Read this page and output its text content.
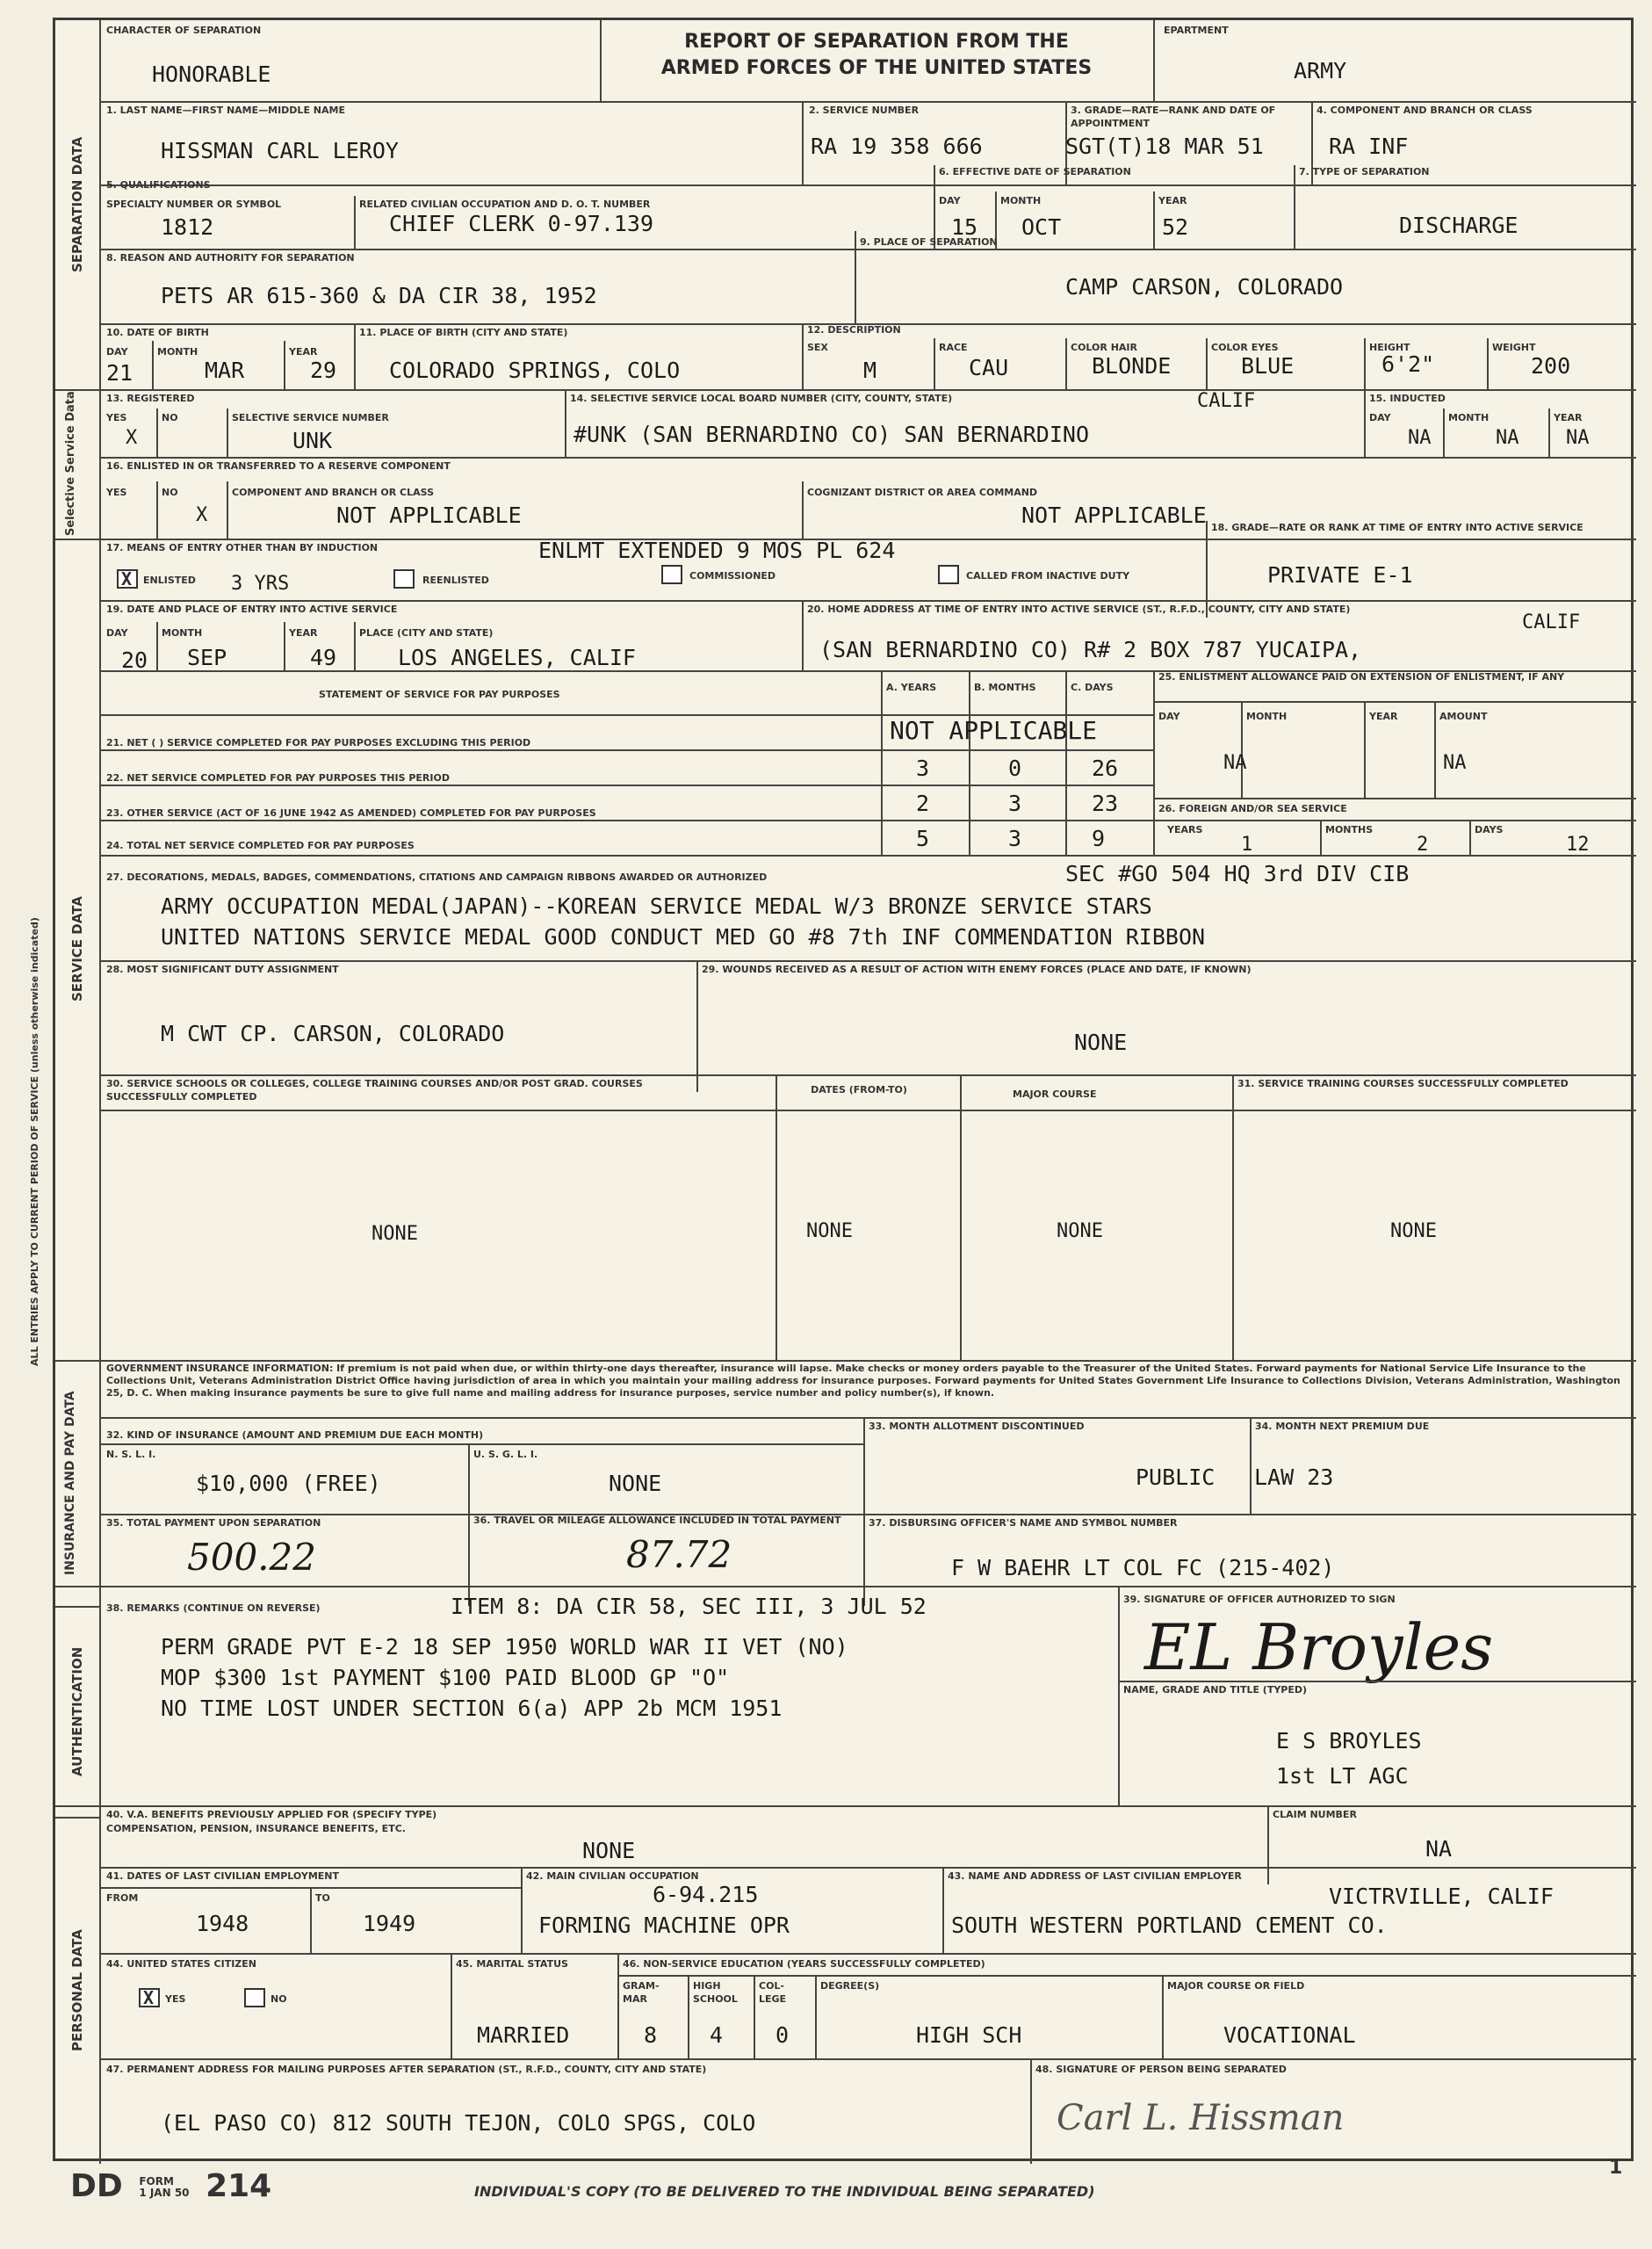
SEPARATION DATA
Selective Service Data
SERVICE DATA
INSURANCE AND PAY DATA
AUTHENTICATION
PERSONAL DATA
CHARACTER OF SEPARATION
HONORABLE
REPORT OF SEPARATION FROM THE
ARMED FORCES OF THE UNITED STATES
EPARTMENT
ARMY
1. LAST NAME—FIRST NAME—MIDDLE NAME
HISSMAN CARL LEROY
2. SERVICE NUMBER
RA 19 358 666
3. GRADE—RATE—RANK AND DATE OF APPOINTMENT
SGT(T)18 MAR 51
4. COMPONENT AND BRANCH OR CLASS
RA INF
5. QUALIFICATIONS
SPECIALTY NUMBER OR SYMBOL
1812
RELATED CIVILIAN OCCUPATION AND D. O. T. NUMBER
CHIEF CLERK 0-97.139
6. EFFECTIVE DATE OF SEPARATION
DAY
15
MONTH
OCT
YEAR
52
7. TYPE OF SEPARATION
DISCHARGE
8. REASON AND AUTHORITY FOR SEPARATION
PETS AR 615-360 & DA CIR 38, 1952
9. PLACE OF SEPARATION
CAMP CARSON, COLORADO
10. DATE OF BIRTH
DAY
21
MONTH
MAR
YEAR
29
11. PLACE OF BIRTH (CITY AND STATE)
COLORADO SPRINGS, COLO
12. DESCRIPTION
SEX
M
RACE
CAU
COLOR HAIR
BLONDE
COLOR EYES
BLUE
HEIGHT
6'2"
WEIGHT
200
13. REGISTERED
YES
X
NO	SELECTIVE SERVICE NUMBER
UNK
14. SELECTIVE SERVICE LOCAL BOARD NUMBER (CITY, COUNTY, STATE)	CALIF
#UNK (SAN BERNARDINO CO) SAN BERNARDINO
15. INDUCTED
DAY
NA
MONTH
NA
YEAR
NA
16. ENLISTED IN OR TRANSFERRED TO A RESERVE COMPONENT
YES	NO
X
COMPONENT AND BRANCH OR CLASS
NOT APPLICABLE
COGNIZANT DISTRICT OR AREA COMMAND
NOT APPLICABLE
17. MEANS OF ENTRY OTHER THAN BY INDUCTION	ENLMT EXTENDED 9 MOS PL 624
X
ENLISTED 3 YRS	REENLISTED	COMMISSIONED	CALLED FROM INACTIVE DUTY
18. GRADE—RATE OR RANK AT TIME OF ENTRY INTO ACTIVE SERVICE
PRIVATE E-1
19. DATE AND PLACE OF ENTRY INTO ACTIVE SERVICE
DAY
20
MONTH
SEP
YEAR
49
PLACE (CITY AND STATE)
LOS ANGELES, CALIF
20. HOME ADDRESS AT TIME OF ENTRY INTO ACTIVE SERVICE (ST., R.F.D., COUNTY, CITY AND STATE)
CALIF
(SAN BERNARDINO CO) R# 2 BOX 787 YUCAIPA,
STATEMENT OF SERVICE FOR PAY PURPOSES
A. YEARS	B. MONTHS	C. DAYS
21. NET ( ) SERVICE COMPLETED FOR PAY PURPOSES EXCLUDING THIS PERIOD	NOT APPLICABLE
22. NET SERVICE COMPLETED FOR PAY PURPOSES THIS PERIOD	3	0	26
23. OTHER SERVICE (ACT OF 16 JUNE 1942 AS AMENDED) COMPLETED FOR PAY PURPOSES	2	3	23
24. TOTAL NET SERVICE COMPLETED FOR PAY PURPOSES	5	3	9
25. ENLISTMENT ALLOWANCE PAID ON EXTENSION OF ENLISTMENT, IF ANY
DAY	MONTH
NA
YEAR	AMOUNT
NA
26. FOREIGN AND/OR SEA SERVICE
YEARS
1
MONTHS
2
DAYS
12
27. DECORATIONS, MEDALS, BADGES, COMMENDATIONS, CITATIONS AND CAMPAIGN RIBBONS AWARDED OR AUTHORIZED	SEC #GO 504 HQ 3rd DIV CIB
ARMY OCCUPATION MEDAL(JAPAN)--KOREAN SERVICE MEDAL W/3 BRONZE SERVICE STARS
UNITED NATIONS SERVICE MEDAL GOOD CONDUCT MED GO #8 7th INF COMMENDATION RIBBON
28. MOST SIGNIFICANT DUTY ASSIGNMENT
M CWT CP. CARSON, COLORADO
29. WOUNDS RECEIVED AS A RESULT OF ACTION WITH ENEMY FORCES (PLACE AND DATE, IF KNOWN)
NONE
30. SERVICE SCHOOLS OR COLLEGES, COLLEGE TRAINING COURSES AND/OR POST GRAD. COURSES SUCCESSFULLY COMPLETED
DATES (FROM-TO)	MAJOR COURSE
31. SERVICE TRAINING COURSES SUCCESSFULLY COMPLETED
NONE	NONE	NONE	NONE
GOVERNMENT INSURANCE INFORMATION: If premium is not paid when due, or within thirty-one days thereafter, insurance will lapse. Make checks or money orders payable to the Treasurer of the United States. Forward payments for National Service Life Insurance to the Collections Unit, Veterans Administration District Office having jurisdiction of area in which you maintain your mailing address for insurance purposes. Forward payments for United States Government Life Insurance to Collections Division, Veterans Administration, Washington 25, D. C. When making insurance payments be sure to give full name and mailing address for insurance purposes, service number and policy number(s), if known.
32. KIND OF INSURANCE (AMOUNT AND PREMIUM DUE EACH MONTH)
33. MONTH ALLOTMENT DISCONTINUED
PUBLIC
34. MONTH NEXT PREMIUM DUE
LAW 23
N. S. L. I.
$10,000 (FREE)
U. S. G. L. I.
NONE
35. TOTAL PAYMENT UPON SEPARATION
500.22
36. TRAVEL OR MILEAGE ALLOWANCE INCLUDED IN TOTAL PAYMENT
87.72
37. DISBURSING OFFICER'S NAME AND SYMBOL NUMBER
F W BAEHR LT COL FC (215-402)
38. REMARKS (CONTINUE ON REVERSE)	ITEM 8: DA CIR 58, SEC III, 3 JUL 52
PERM GRADE PVT E-2 18 SEP 1950 WORLD WAR II VET (NO)
MOP $300 1st PAYMENT $100 PAID BLOOD GP "O"
NO TIME LOST UNDER SECTION 6(a) APP 2b MCM 1951
39. SIGNATURE OF OFFICER AUTHORIZED TO SIGN
EL Broyles
NAME, GRADE AND TITLE (TYPED)
E S BROYLES
1st LT AGC
40. V.A. BENEFITS PREVIOUSLY APPLIED FOR (SPECIFY TYPE)
COMPENSATION, PENSION, INSURANCE BENEFITS, ETC.
NONE
CLAIM NUMBER
NA
41. DATES OF LAST CIVILIAN EMPLOYMENT
FROM
1948
TO
1949
42. MAIN CIVILIAN OCCUPATION
6-94.215
FORMING MACHINE OPR
43. NAME AND ADDRESS OF LAST CIVILIAN EMPLOYER
VICTRVILLE, CALIF
SOUTH WESTERN PORTLAND CEMENT CO.
44. UNITED STATES CITIZEN
X
YES	NO
45. MARITAL STATUS
MARRIED
46. NON-SERVICE EDUCATION (YEARS SUCCESSFULLY COMPLETED)
GRAM-MAR
8
HIGH SCHOOL
4
COL-LEGE
0
DEGREE(S)
HIGH SCH
MAJOR COURSE OR FIELD
VOCATIONAL
47. PERMANENT ADDRESS FOR MAILING PURPOSES AFTER SEPARATION (ST., R.F.D., COUNTY, CITY AND STATE)
(EL PASO CO) 812 SOUTH TEJON, COLO SPGS, COLO
48. SIGNATURE OF PERSON BEING SEPARATED
Carl L. Hissman
ALL ENTRIES APPLY TO CURRENT PERIOD OF SERVICE (unless otherwise indicated)
DD FORM
1 JAN 50 214	INDIVIDUAL'S COPY (TO BE DELIVERED TO THE INDIVIDUAL BEING SEPARATED)
1
